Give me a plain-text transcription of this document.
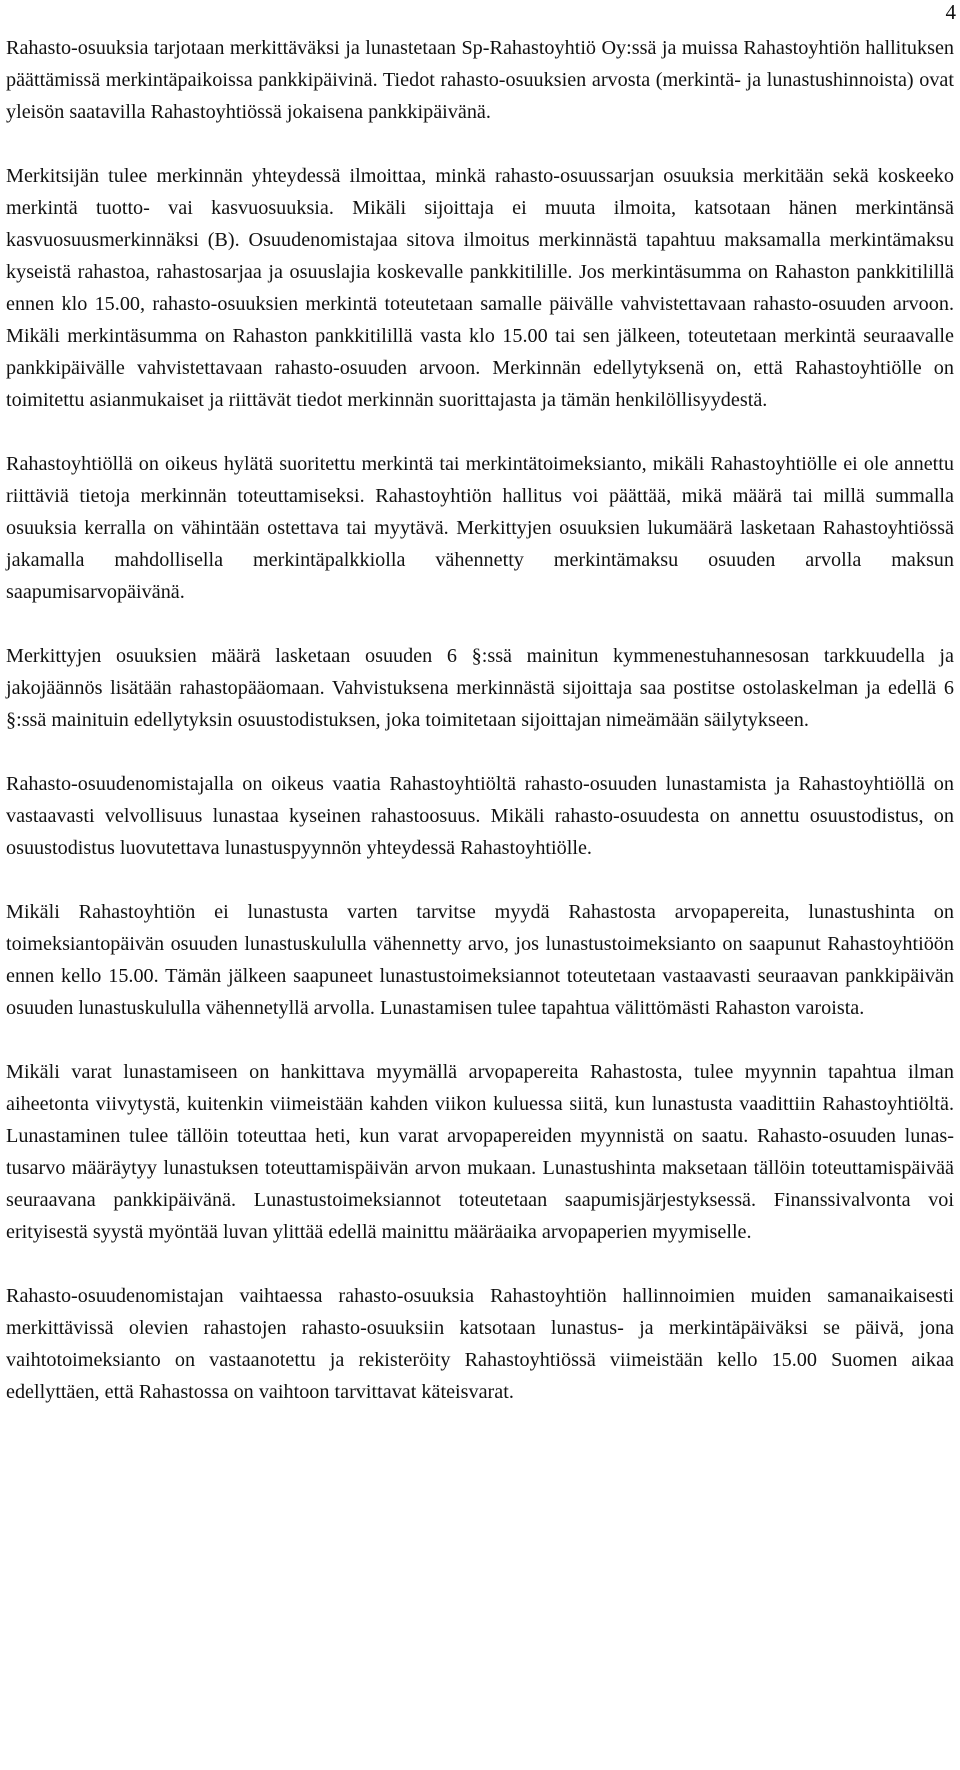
4

Rahasto-osuuksia tarjotaan merkittäväksi ja lunastetaan Sp-Rahastoyhtiö Oy:ssä ja muissa Rahastoyhtiön hallituksen päättämissä merkintäpaikoissa pankkipäivinä. Tiedot rahasto-osuuksien arvosta (merkintä- ja lunastushinnoista) ovat yleisön saatavilla Rahastoyhtiössä jokaisena pankkipäivänä.

Merkitsijän tulee merkinnän yhteydessä ilmoittaa, minkä rahasto-osuussarjan osuuksia merkitään sekä koskeeko merkintä tuotto- vai kasvuosuuksia. Mikäli sijoittaja ei muuta ilmoita, katsotaan hänen merkintänsä kasvuosuusmerkinnäksi (B). Osuudenomistajaa sitova ilmoitus merkinnästä tapahtuu maksamalla merkintämaksu kyseistä rahastoa, rahastosarjaa ja osuuslajia koskevalle pankkitilille. Jos merkintäsumma on Rahaston pankkitilillä ennen klo 15.00, rahasto-osuuksien merkintä toteutetaan samalle päivälle vahvistettavaan rahasto-osuuden arvoon. Mikäli merkintäsumma on Rahaston pankkitilillä vasta klo 15.00 tai sen jälkeen, toteutetaan merkintä seuraavalle pankkipäivälle vahvistettavaan rahasto-osuuden arvoon. Merkinnän edellytyksenä on, että Rahastoyhtiölle on toimitettu asianmukaiset ja riittävät tiedot merkinnän suorittajasta ja tämän henkilöllisyydestä.

Rahastoyhtiöllä on oikeus hylätä suoritettu merkintä tai merkintätoimeksianto, mikäli Rahastoyhtiölle ei ole annettu riittäviä tietoja merkinnän toteuttamiseksi. Rahastoyhtiön hallitus voi päättää, mikä määrä tai millä summalla osuuksia kerralla on vähintään ostettava tai myytävä. Merkittyjen osuuksien lukumäärä lasketaan Rahastoyhtiössä jakamalla mahdollisella merkintäpalkkiolla vähennetty merkintämaksu osuuden arvolla maksun saapumisarvopäivänä.

Merkittyjen osuuksien määrä lasketaan osuuden 6 §:ssä mainitun kymmenestuhannesosan tarkkuudella ja jakojäännös lisätään rahastopääomaan. Vahvistuksena merkinnästä sijoittaja saa postitse ostolaskelman ja edellä 6 §:ssä mainituin edellytyksin osuustodistuksen, joka toimitetaan sijoittajan nimeämään säilytykseen.

Rahasto-osuudenomistajalla on oikeus vaatia Rahastoyhtiöltä rahasto-osuuden lunastamista ja Rahastoyhtiöllä on vastaavasti velvollisuus lunastaa kyseinen rahastoosuus. Mikäli rahasto-osuudesta on annettu osuustodistus, on osuustodistus luovutettava lunastuspyynnön yhteydessä Rahastoyhtiölle.

Mikäli Rahastoyhtiön ei lunastusta varten tarvitse myydä Rahastosta arvopapereita, lunastushinta on toimeksiantopäivän osuuden lunastuskululla vähennetty arvo, jos lunastustoimeksianto on saapunut Rahastoyhtiöön ennen kello 15.00. Tämän jälkeen saapuneet lunastustoimeksiannot toteutetaan vastaavasti seuraavan pankkipäivän osuuden lunastuskululla vähennetyllä arvolla. Lunastamisen tulee tapahtua välittömästi Rahaston varoista.

Mikäli varat lunastamiseen on hankittava myymällä arvopapereita Rahastosta, tulee myynnin tapahtua ilman aiheetonta viivytystä, kuitenkin viimeistään kahden viikon kuluessa siitä, kun lunastusta vaadittiin Rahastoyhtiöltä. Lunastaminen tulee tällöin toteuttaa heti, kun varat arvopapereiden myynnistä on saatu. Rahasto-osuuden lunastusarvo määräytyy lunastuksen toteuttamispäivän arvon mukaan. Lunastushinta maksetaan tällöin toteuttamispäivää seuraavana pankkipäivänä. Lunastustoimeksiannot toteutetaan saapumisjärjestyksessä. Finanssivalvonta voi erityisestä syystä myöntää luvan ylittää edellä mainittu määräaika arvopaperien myymiselle.

Rahasto-osuudenomistajan vaihtaessa rahasto-osuuksia Rahastoyhtiön hallinnoimien muiden samanaikaisesti merkittävissä olevien rahastojen rahasto-osuuksiin katsotaan lunastus- ja merkintäpäiväksi se päivä, jona vaihtotoimeksianto on vastaanotettu ja rekisteröity Rahastoyhtiössä viimeistään kello 15.00 Suomen aikaa edellyttäen, että Rahastossa on vaihtoon tarvittavat käteisvarat.
